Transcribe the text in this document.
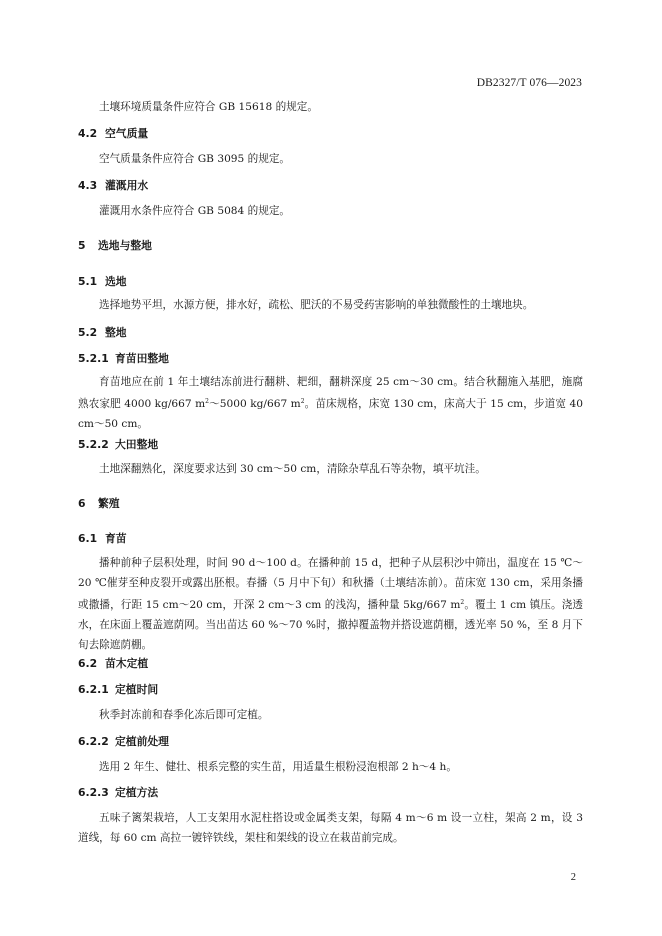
DB2327/T 076—2023
土壤环境质量条件应符合 GB 15618 的规定。
4.2 空气质量
空气质量条件应符合 GB 3095 的规定。
4.3 灌溉用水
灌溉用水条件应符合 GB 5084 的规定。
5 选地与整地
5.1 选地
选择地势平坦，水源方便，排水好，疏松、肥沃的不易受药害影响的单独微酸性的土壤地块。
5.2 整地
5.2.1 育苗田整地
育苗地应在前 1 年土壤结冻前进行翻耕、耙细，翻耕深度 25 cm～30 cm。结合秋翻施入基肥，施腐熟农家肥 4000 kg/667 $m^2\sim 5000$ kg/667 $m^2$。苗床规格，床宽 130 cm，床高大于 15 cm，步道宽 40 cm～50 cm。
5.2.2 大田整地
土地深翻熟化，深度要求达到 30 cm～50 cm，清除杂草乱石等杂物，填平坑洼。
6 繁殖
6.1 育苗
播种前种子层积处理，时间 90 d～100 d。在播种前 15 d，把种子从层积沙中筛出，温度在 15 ℃～20 ℃催芽至种皮裂开或露出胚根。春播（5 月中下旬）和秋播（土壤结冻前）。苗床宽 130 cm，采用条播或撒播，行距 15 cm～20 cm，开深 2 cm～3 cm 的浅沟，播种量 5kg/667 $m^2$。覆土 1 cm 镇压。浇透水，在床面上覆盖遮荫网。当出苗达 60 %～70 %时，撤掉覆盖物并搭设遮荫棚，透光率 50 %，至 8 月下旬去除遮荫棚。
6.2 苗木定植
6.2.1 定植时间
秋季封冻前和春季化冻后即可定植。
6.2.2 定植前处理
选用 2 年生、健壮、根系完整的实生苗，用适量生根粉浸泡根部 2 h～4 h。
6.2.3 定植方法
五味子篱架栽培，人工支架用水泥柱搭设或金属类支架，每隔 4 m～6 m 设一立柱，架高 2 m，设 3 道线，每 60 cm 高拉一镀锌铁线，架柱和架线的设立在栽苗前完成。
2
